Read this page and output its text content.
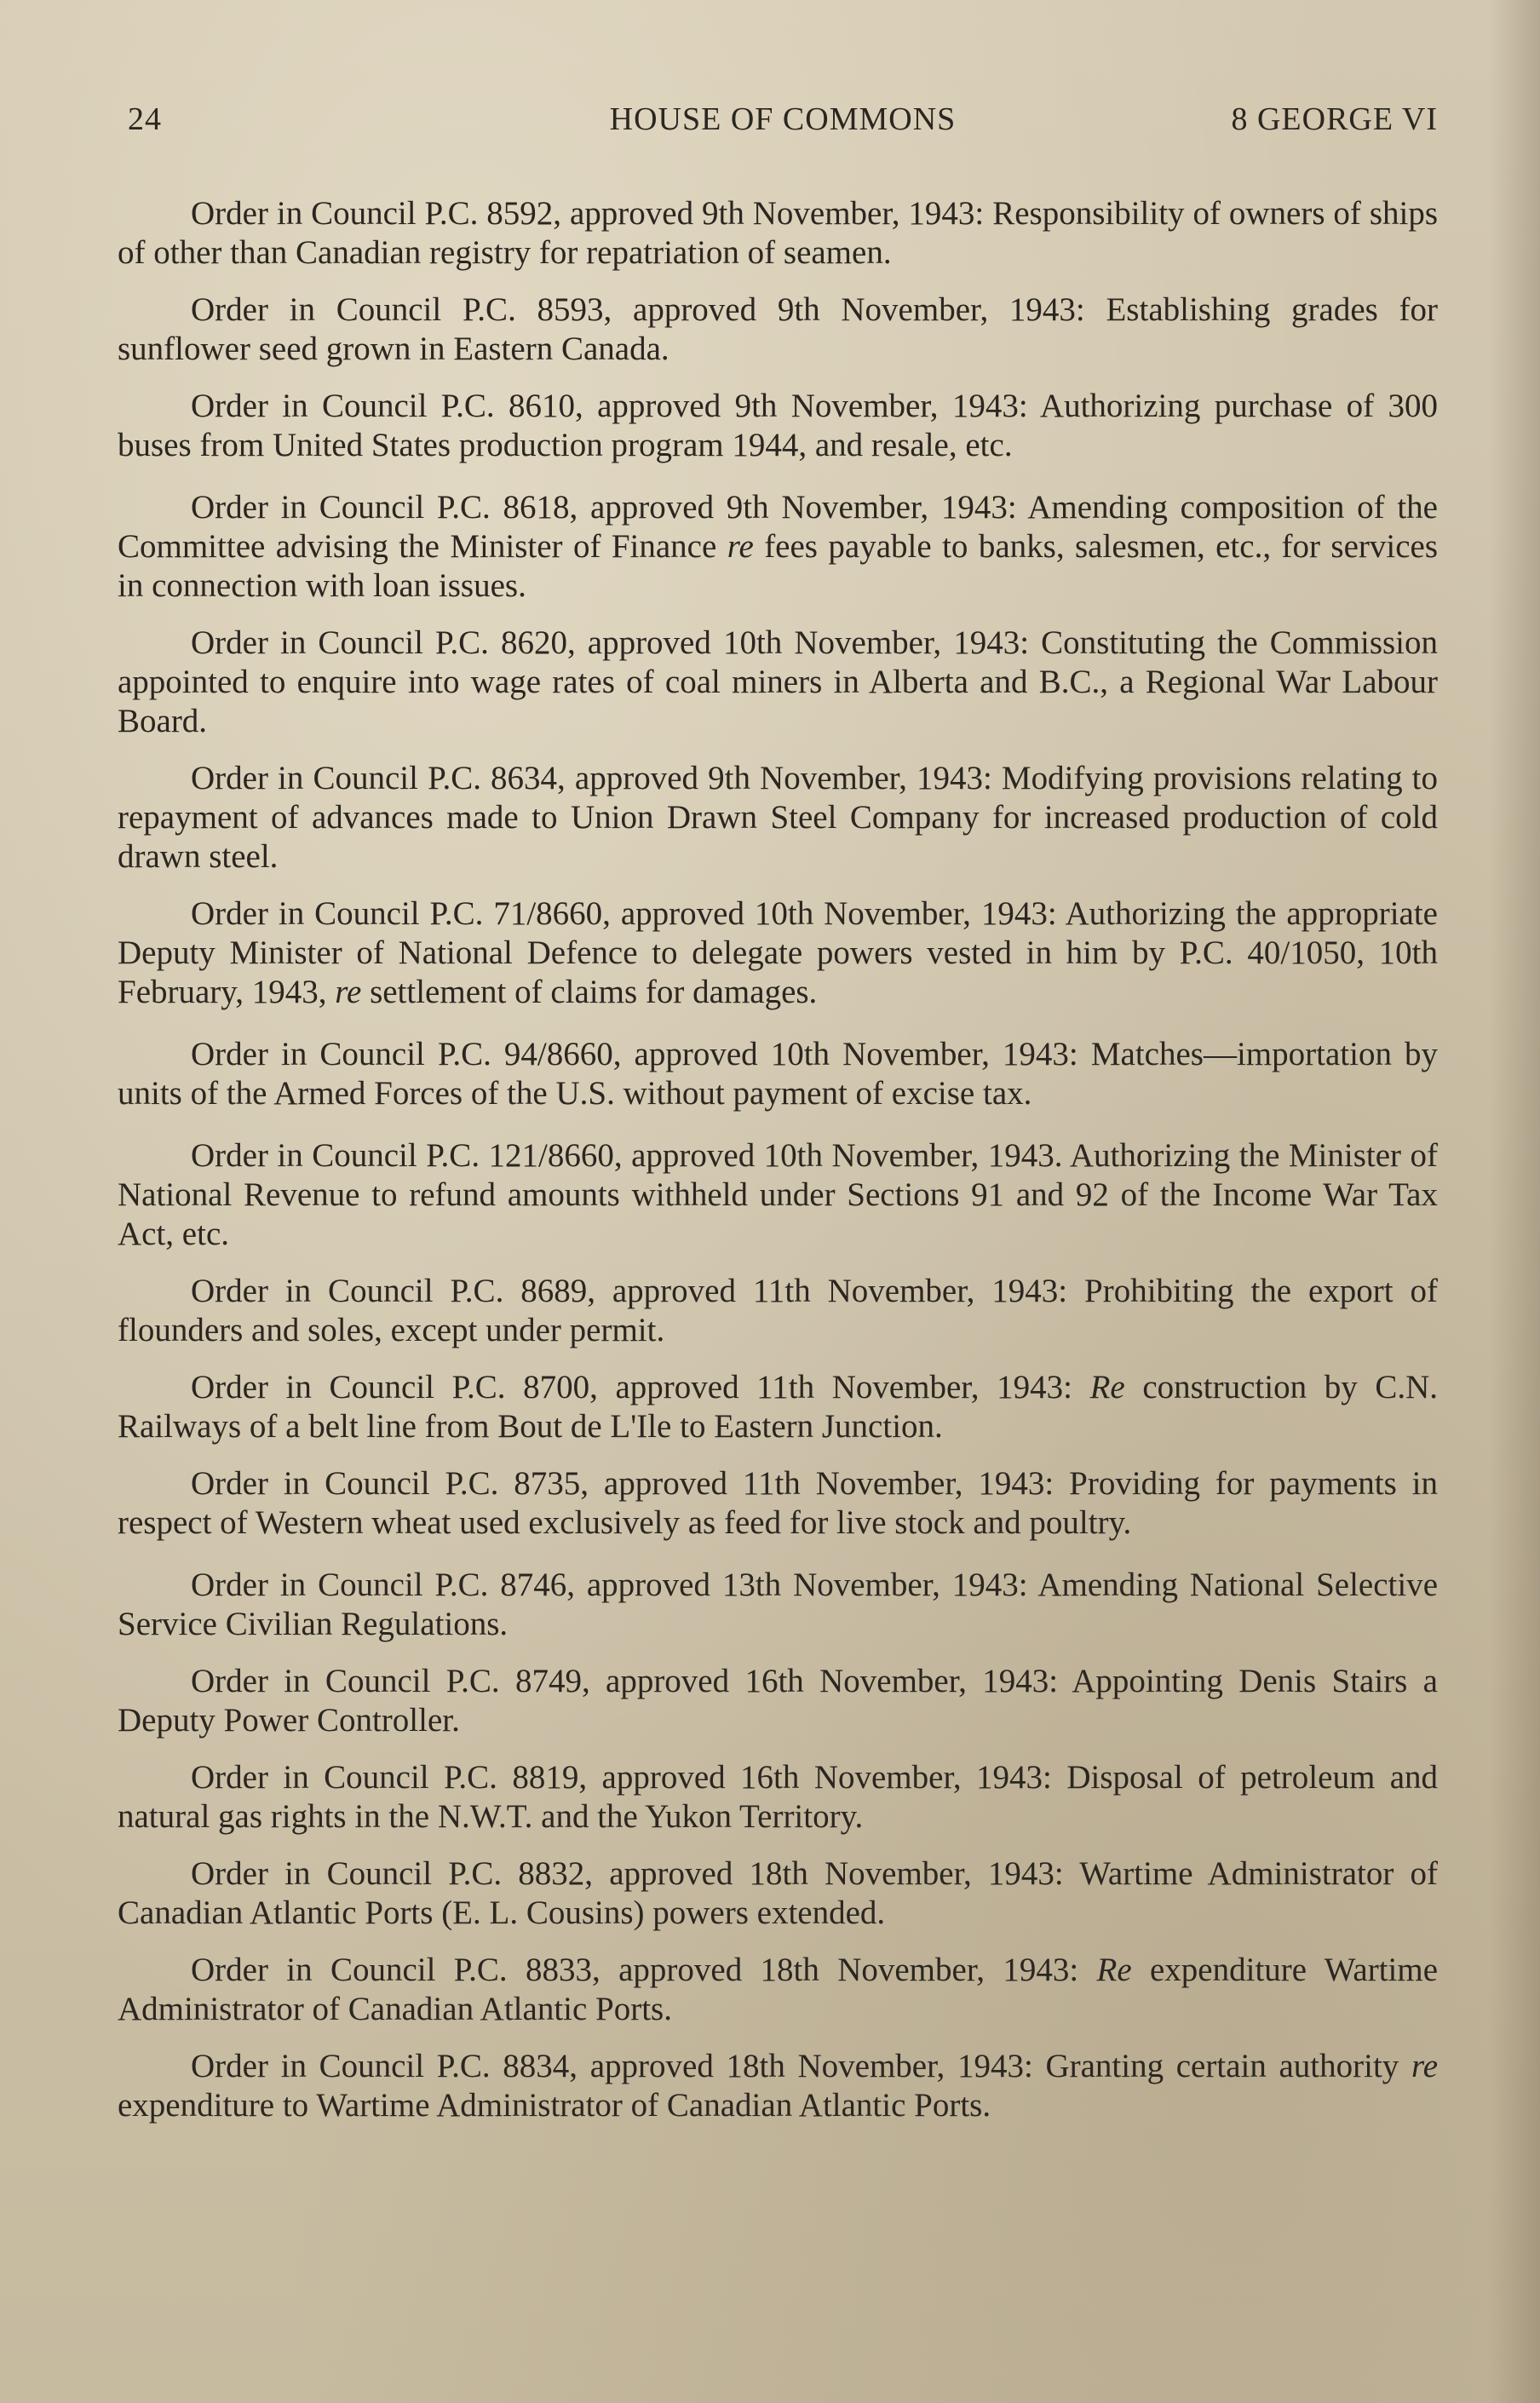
24	HOUSE OF COMMONS	8 GEORGE VI

Order in Council P.C. 8592, approved 9th November, 1943: Responsibility of owners of ships of other than Canadian registry for repatriation of seamen.

Order in Council P.C. 8593, approved 9th November, 1943: Establishing grades for sunflower seed grown in Eastern Canada.

Order in Council P.C. 8610, approved 9th November, 1943: Authorizing purchase of 300 buses from United States production program 1944, and resale, etc.

Order in Council P.C. 8618, approved 9th November, 1943: Amending composition of the Committee advising the Minister of Finance re fees payable to banks, salesmen, etc., for services in connection with loan issues.

Order in Council P.C. 8620, approved 10th November, 1943: Constituting the Commission appointed to enquire into wage rates of coal miners in Alberta and B.C., a Regional War Labour Board.

Order in Council P.C. 8634, approved 9th November, 1943: Modifying provisions relating to repayment of advances made to Union Drawn Steel Company for increased production of cold drawn steel.

Order in Council P.C. 71/8660, approved 10th November, 1943: Authorizing the appropriate Deputy Minister of National Defence to delegate powers vested in him by P.C. 40/1050, 10th February, 1943, re settlement of claims for damages.

Order in Council P.C. 94/8660, approved 10th November, 1943: Matches—importation by units of the Armed Forces of the U.S. without payment of excise tax.

Order in Council P.C. 121/8660, approved 10th November, 1943. Authorizing the Minister of National Revenue to refund amounts withheld under Sections 91 and 92 of the Income War Tax Act, etc.

Order in Council P.C. 8689, approved 11th November, 1943: Prohibiting the export of flounders and soles, except under permit.

Order in Council P.C. 8700, approved 11th November, 1943: Re construction by C.N. Railways of a belt line from Bout de L'Ile to Eastern Junction.

Order in Council P.C. 8735, approved 11th November, 1943: Providing for payments in respect of Western wheat used exclusively as feed for live stock and poultry.

Order in Council P.C. 8746, approved 13th November, 1943: Amending National Selective Service Civilian Regulations.

Order in Council P.C. 8749, approved 16th November, 1943: Appointing Denis Stairs a Deputy Power Controller.

Order in Council P.C. 8819, approved 16th November, 1943: Disposal of petroleum and natural gas rights in the N.W.T. and the Yukon Territory.

Order in Council P.C. 8832, approved 18th November, 1943: Wartime Administrator of Canadian Atlantic Ports (E. L. Cousins) powers extended.

Order in Council P.C. 8833, approved 18th November, 1943: Re expenditure Wartime Administrator of Canadian Atlantic Ports.

Order in Council P.C. 8834, approved 18th November, 1943: Granting certain authority re expenditure to Wartime Administrator of Canadian Atlantic Ports.
